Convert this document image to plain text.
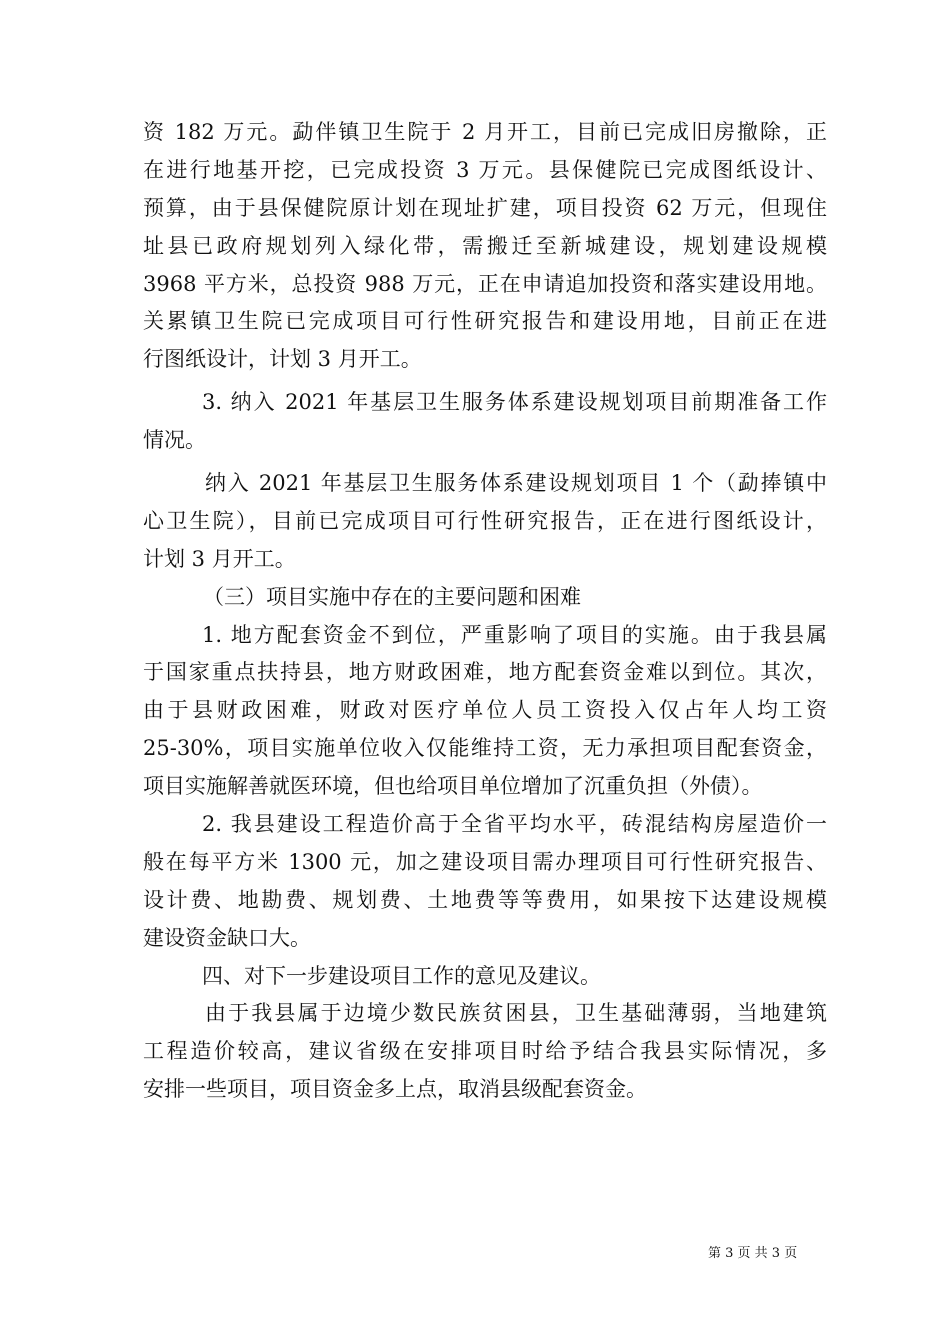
资 182 万元。勐伴镇卫生院于 2 月开工，目前已完成旧房撤除，正
在进行地基开挖，已完成投资 3 万元。县保健院已完成图纸设计、
预算，由于县保健院原计划在现址扩建，项目投资 62 万元，但现住
址县已政府规划列入绿化带，需搬迁至新城建设，规划建设规模
3968 平方米，总投资 988 万元，正在申请追加投资和落实建设用地。
关累镇卫生院已完成项目可行性研究报告和建设用地，目前正在进
行图纸设计，计划 3 月开工。
3. 纳入 2021 年基层卫生服务体系建设规划项目前期准备工作
情况。
纳入 2021 年基层卫生服务体系建设规划项目 1 个（勐捧镇中
心卫生院），目前已完成项目可行性研究报告，正在进行图纸设计，
计划 3 月开工。
（三）项目实施中存在的主要问题和困难
1. 地方配套资金不到位，严重影响了项目的实施。由于我县属
于国家重点扶持县，地方财政困难，地方配套资金难以到位。其次，
由于县财政困难，财政对医疗单位人员工资投入仅占年人均工资
25-30%，项目实施单位收入仅能维持工资，无力承担项目配套资金，
项目实施解善就医环境，但也给项目单位增加了沉重负担（外债）。
2. 我县建设工程造价高于全省平均水平，砖混结构房屋造价一
般在每平方米 1300 元，加之建设项目需办理项目可行性研究报告、
设计费、地勘费、规划费、土地费等等费用，如果按下达建设规模
建设资金缺口大。
四、对下一步建设项目工作的意见及建议。
由于我县属于边境少数民族贫困县，卫生基础薄弱，当地建筑
工程造价较高，建议省级在安排项目时给予结合我县实际情况，多
安排一些项目，项目资金多上点，取消县级配套资金。
第 3 页 共 3 页
